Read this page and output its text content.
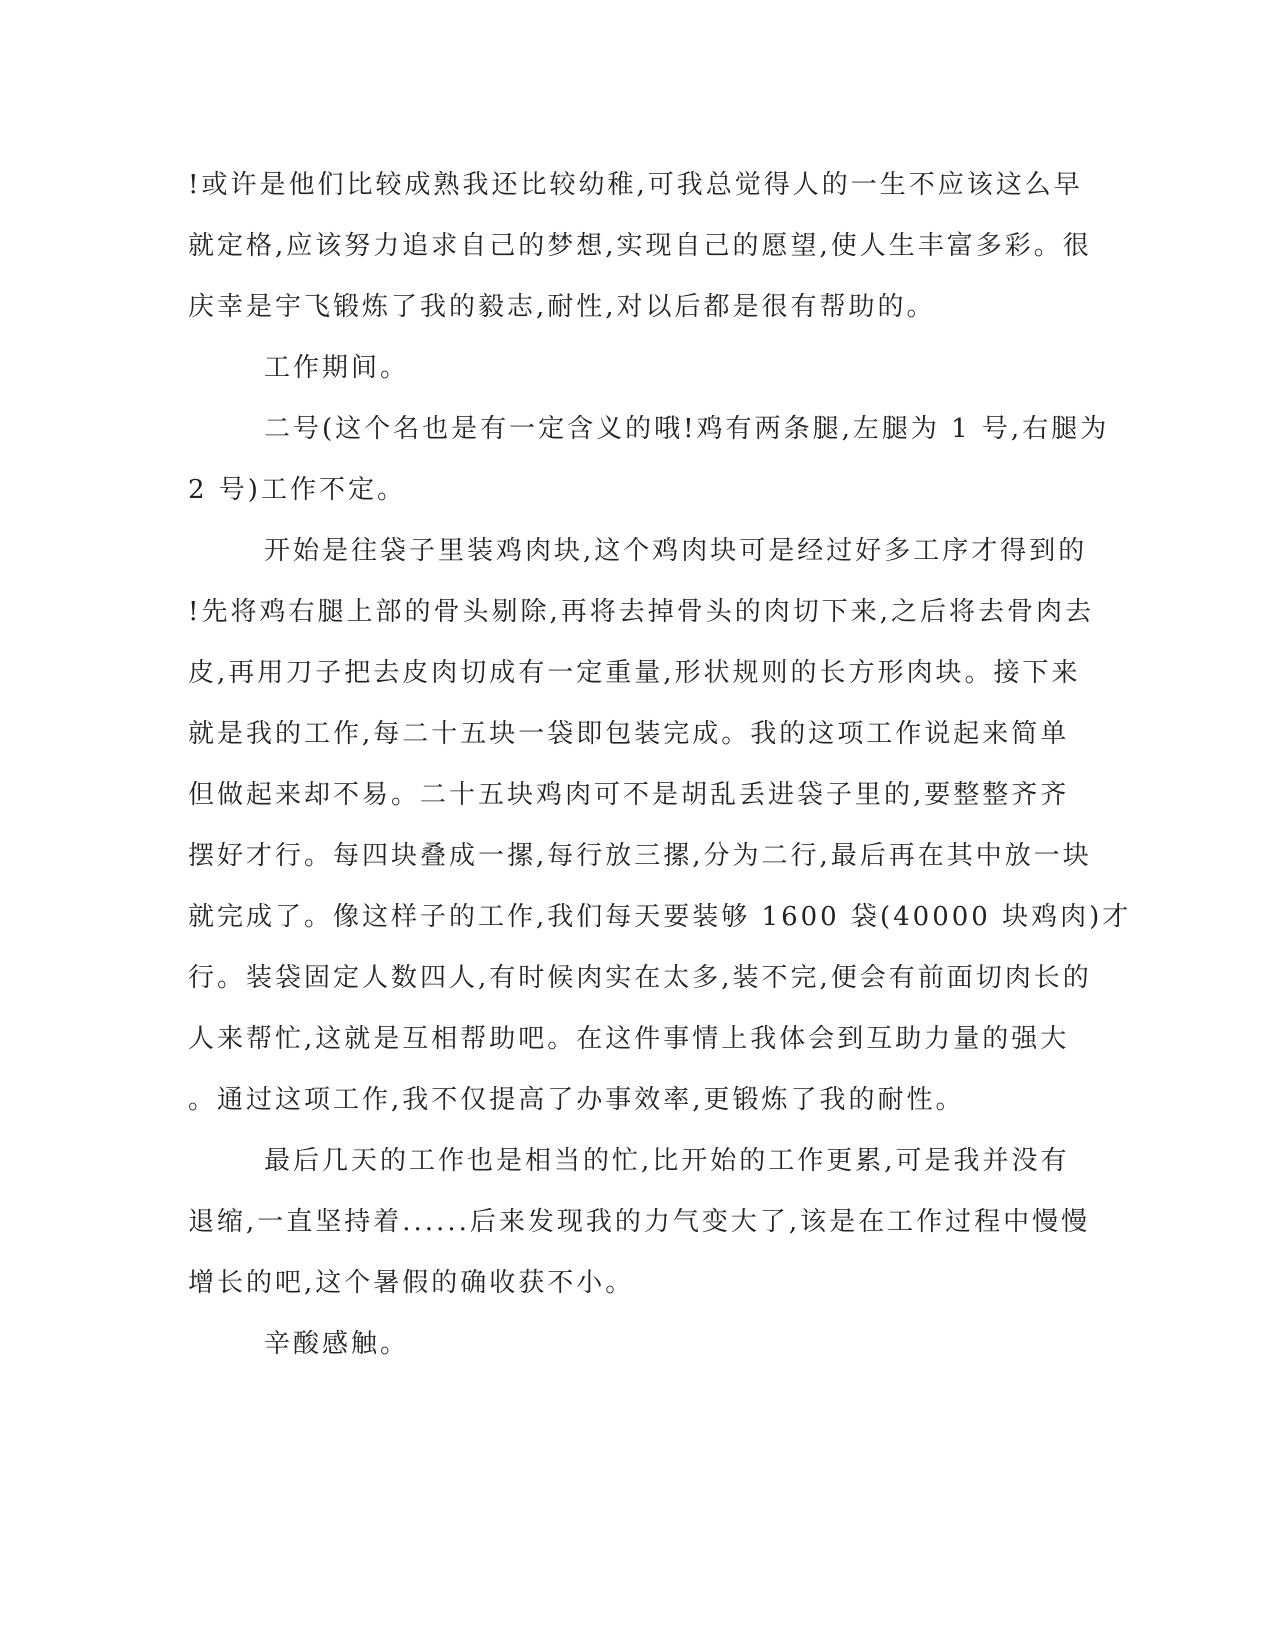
!或许是他们比较成熟我还比较幼稚,可我总觉得人的一生不应该这么早
就定格,应该努力追求自己的梦想,实现自己的愿望,使人生丰富多彩。很
庆幸是宇飞锻炼了我的毅志,耐性,对以后都是很有帮助的。
工作期间。
二号(这个名也是有一定含义的哦!鸡有两条腿,左腿为 1 号,右腿为
2 号)工作不定。
开始是往袋子里装鸡肉块,这个鸡肉块可是经过好多工序才得到的
!先将鸡右腿上部的骨头剔除,再将去掉骨头的肉切下来,之后将去骨肉去
皮,再用刀子把去皮肉切成有一定重量,形状规则的长方形肉块。接下来
就是我的工作,每二十五块一袋即包装完成。我的这项工作说起来简单
但做起来却不易。二十五块鸡肉可不是胡乱丢进袋子里的,要整整齐齐
摆好才行。每四块叠成一摞,每行放三摞,分为二行,最后再在其中放一块
就完成了。像这样子的工作,我们每天要装够 1600 袋(40000 块鸡肉)才
行。装袋固定人数四人,有时候肉实在太多,装不完,便会有前面切肉长的
人来帮忙,这就是互相帮助吧。在这件事情上我体会到互助力量的强大
。通过这项工作,我不仅提高了办事效率,更锻炼了我的耐性。
最后几天的工作也是相当的忙,比开始的工作更累,可是我并没有
退缩,一直坚持着......后来发现我的力气变大了,该是在工作过程中慢慢
增长的吧,这个暑假的确收获不小。
辛酸感触。
